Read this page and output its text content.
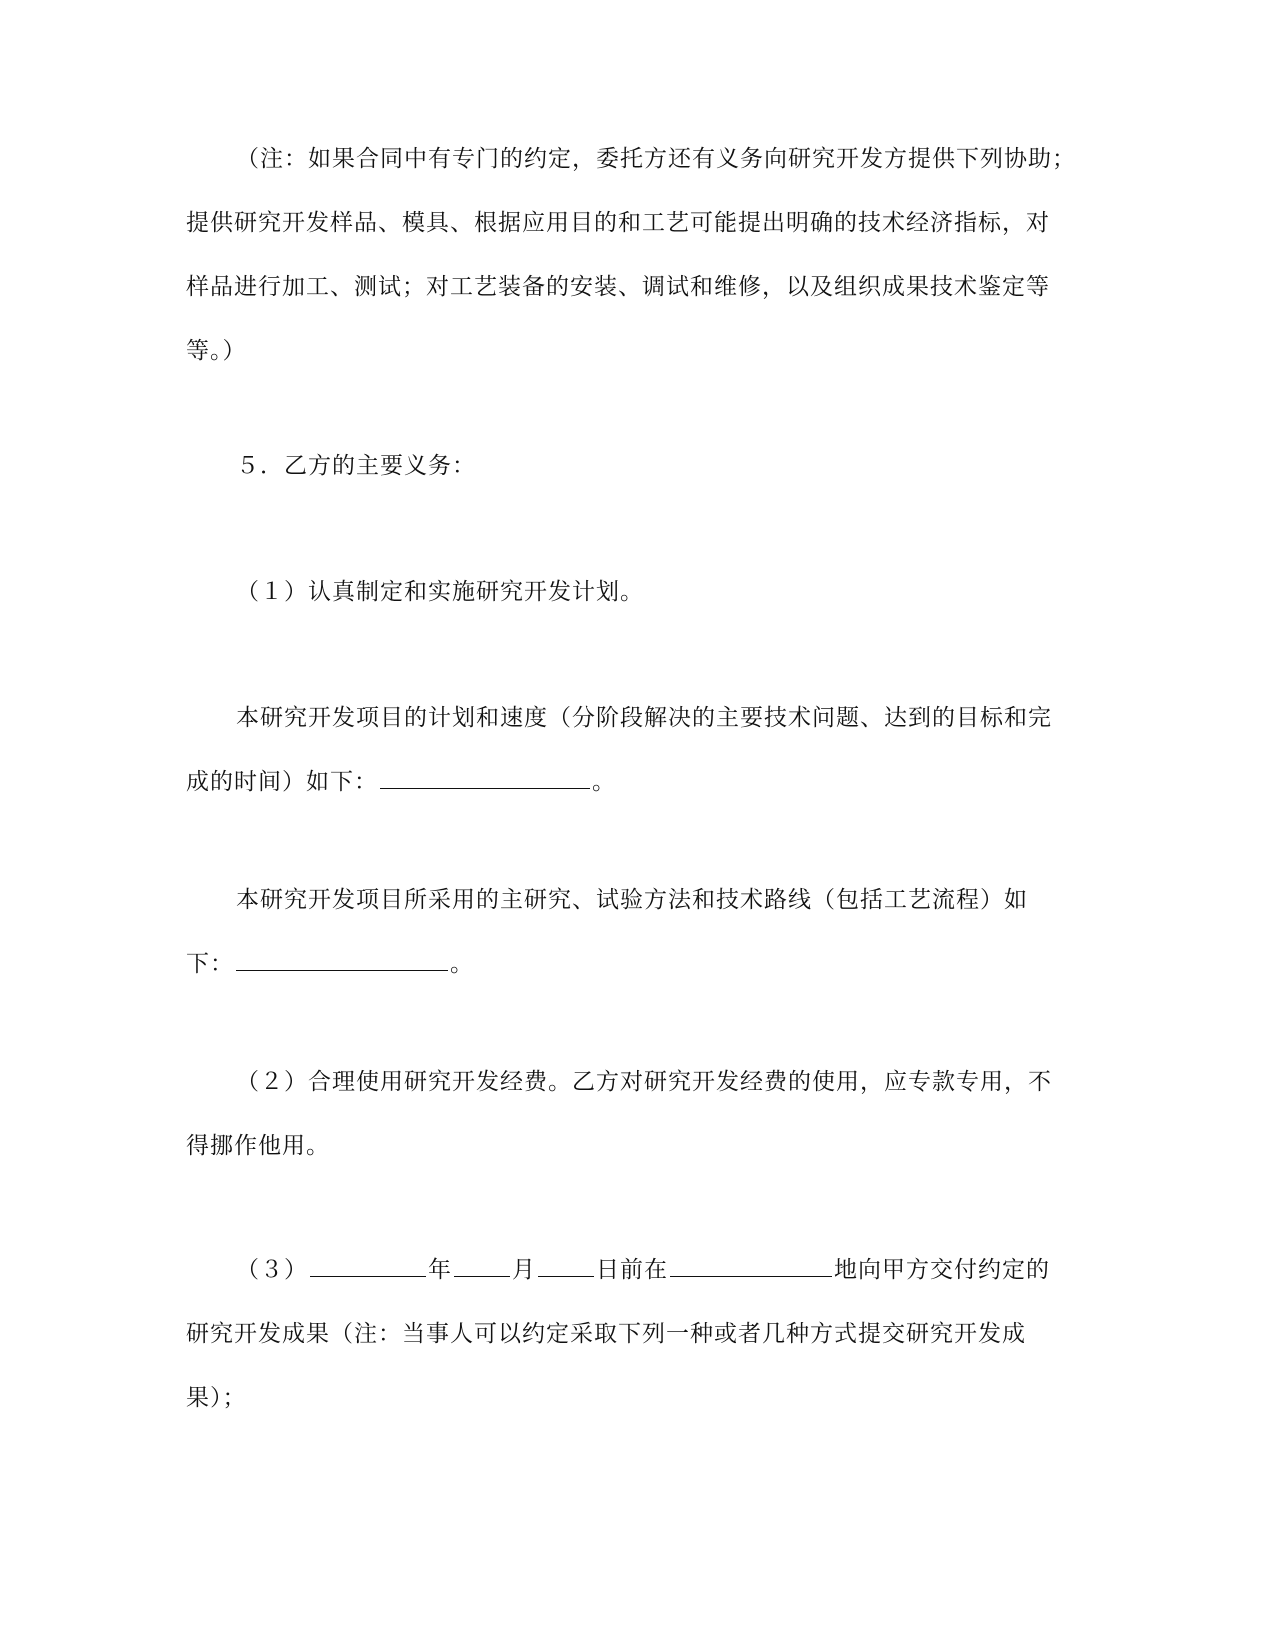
（注：如果合同中有专门的约定，委托方还有义务向研究开发方提供下列协助；
提供研究开发样品、模具、根据应用目的和工艺可能提出明确的技术经济指标，对
样品进行加工、测试；对工艺装备的安装、调试和维修，以及组织成果技术鉴定等
等。）
５．乙方的主要义务：
（１）认真制定和实施研究开发计划。
本研究开发项目的计划和速度（分阶段解决的主要技术问题、达到的目标和完
成的时间）如下：	。
本研究开发项目所采用的主研究、试验方法和技术路线（包括工艺流程）如
下：	。
（２）合理使用研究开发经费。乙方对研究开发经费的使用，应专款专用，不
得挪作他用。
（３）	年	月	日前在	地向甲方交付约定的
研究开发成果（注：当事人可以约定采取下列一种或者几种方式提交研究开发成
果）；
